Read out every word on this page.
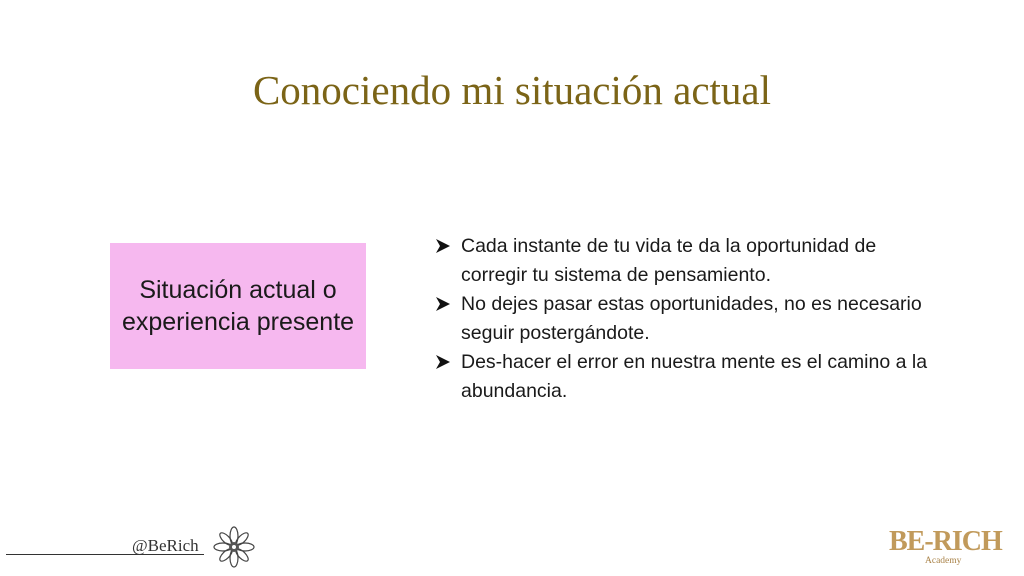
Conociendo mi situación actual
Situación actual o experiencia presente
Cada instante de tu vida te da la oportunidad de corregir tu sistema de pensamiento.
No dejes pasar estas oportunidades, no es necesario seguir postergándote.
Des-hacer el error en nuestra mente es el camino a la abundancia.
@BeRich	BE-RICH
Academy
